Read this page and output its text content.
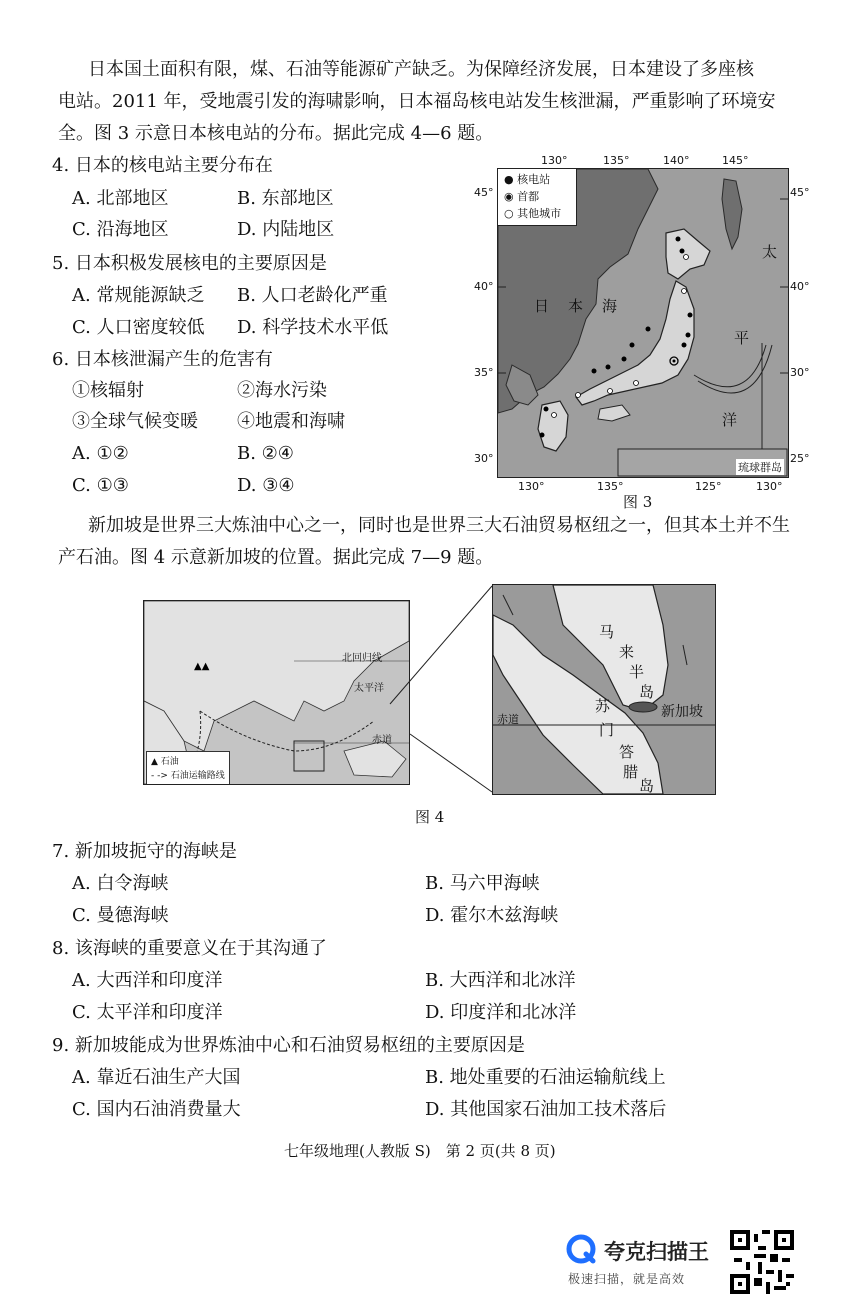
日本国土面积有限，煤、石油等能源矿产缺乏。为保障经济发展，日本建设了多座核
电站。2011 年，受地震引发的海啸影响，日本福岛核电站发生核泄漏，严重影响了环境安
全。图 3 示意日本核电站的分布。据此完成 4—6 题。
4. 日本的核电站主要分布在
A. 北部地区	B. 东部地区
C. 沿海地区	D. 内陆地区
5. 日本积极发展核电的主要原因是
A. 常规能源缺乏 B. 人口老龄化严重
C. 人口密度较低 D. 科学技术水平低
6. 日本核泄漏产生的危害有
①核辐射	②海水污染
③全球气候变暖 ④地震和海啸
A. ①②	B. ②④
C. ①③	D. ③④
130°	135°	140°	145°
45°
40°
35°
30°
45°
40°
30°
25°
130°	135°	125°	130°
● 核电站
◉ 首都
○ 其他城市
日 本 海
太
平
洋
琉球群岛
图 3
新加坡是世界三大炼油中心之一，同时也是世界三大石油贸易枢纽之一，但其本土并不生
产石油。图 4 示意新加坡的位置。据此完成 7—9 题。
▲▲
北回归线
太平洋
赤道
▲ 石油
- -> 石油运输路线
马
来
半
岛
苏
门
答
腊
岛
新加坡
赤道
图 4
7. 新加坡扼守的海峡是
A. 白令海峡	B. 马六甲海峡
C. 曼德海峡	D. 霍尔木兹海峡
8. 该海峡的重要意义在于其沟通了
A. 大西洋和印度洋	B. 大西洋和北冰洋
C. 太平洋和印度洋	D. 印度洋和北冰洋
9. 新加坡能成为世界炼油中心和石油贸易枢纽的主要原因是
A. 靠近石油生产大国	B. 地处重要的石油运输航线上
C. 国内石油消费量大	D. 其他国家石油加工技术落后
七年级地理(人教版 S)　第 2 页(共 8 页)
夸克扫描王
极速扫描，就是高效
